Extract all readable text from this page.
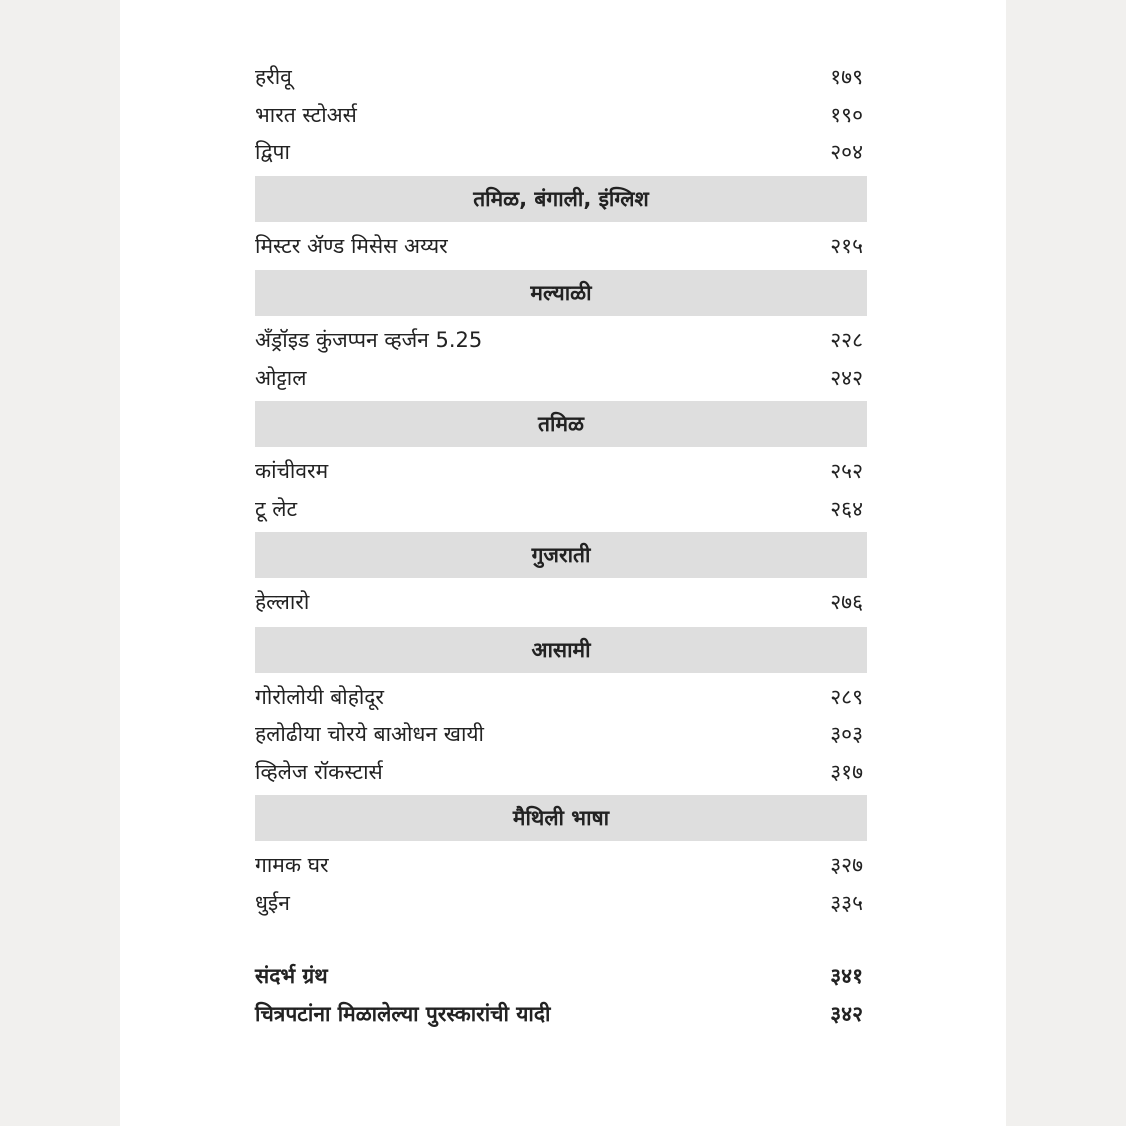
हरीवू	१७९
भारत स्टोअर्स	१९०
द्विपा	२०४
तमिळ, बंगाली, इंग्लिश
मिस्टर ॲण्ड मिसेस अय्यर	२१५
मल्याळी
अँड्रॉइड कुंजप्पन व्हर्जन 5.25	२२८
ओट्टाल	२४२
तमिळ
कांचीवरम	२५२
टू लेट	२६४
गुजराती
हेल्लारो	२७६
आसामी
गोरोलोयी बोहोदूर	२८९
हलोढीया चोरये बाओधन खायी	३०३
व्हिलेज रॉकस्टार्स	३१७
मैथिली भाषा
गामक घर	३२७
धुईन	३३५
संदर्भ ग्रंथ	३४१
चित्रपटांना मिळालेल्या पुरस्कारांची यादी	३४२
